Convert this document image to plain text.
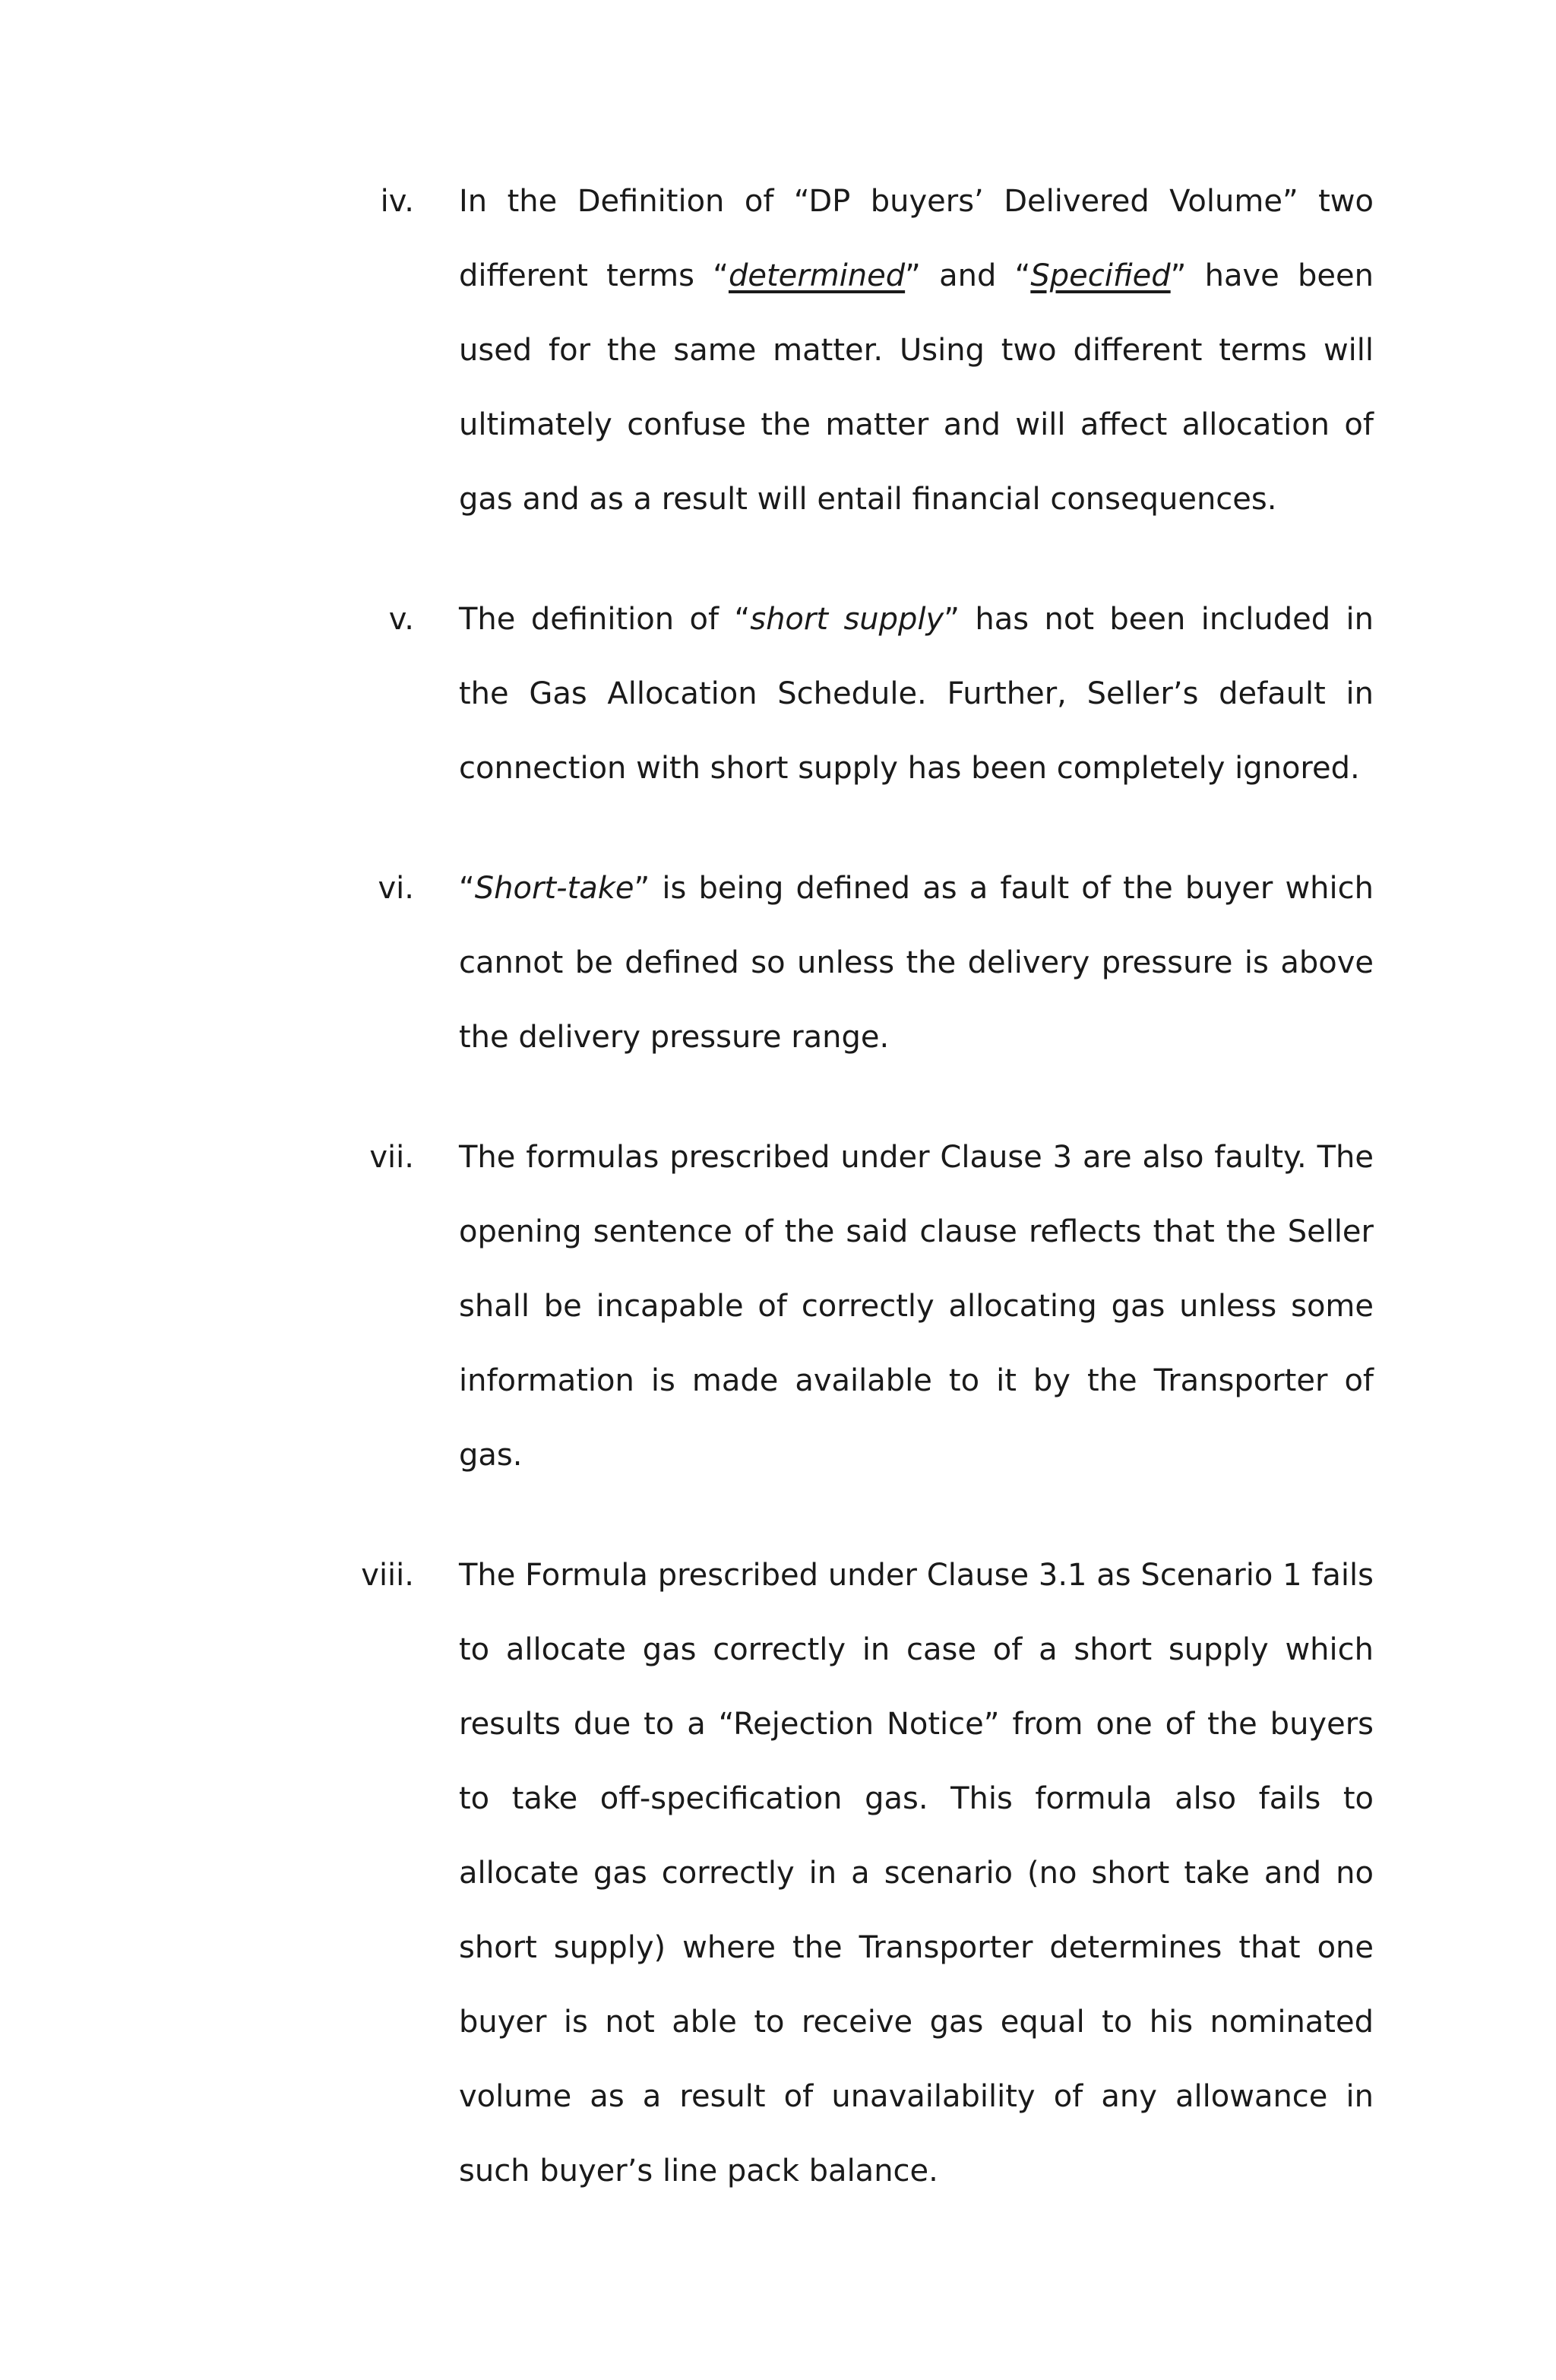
iv. In the Definition of “DP buyers’ Delivered Volume” two different terms “determined” and “Specified” have been used for the same matter. Using two different terms will ultimately confuse the matter and will affect allocation of gas and as a result will entail financial consequences.

v. The definition of “short supply” has not been included in the Gas Allocation Schedule. Further, Seller’s default in connection with short supply has been completely ignored.

vi. “Short-take” is being defined as a fault of the buyer which cannot be defined so unless the delivery pressure is above the delivery pressure range.

vii. The formulas prescribed under Clause 3 are also faulty. The opening sentence of the said clause reflects that the Seller shall be incapable of correctly allocating gas unless some information is made available to it by the Transporter of gas.

viii. The Formula prescribed under Clause 3.1 as Scenario 1 fails to allocate gas correctly in case of a short supply which results due to a “Rejection Notice” from one of the buyers to take off-specification gas. This formula also fails to allocate gas correctly in a scenario (no short take and no short supply) where the Transporter determines that one buyer is not able to receive gas equal to his nominated volume as a result of unavailability of any allowance in such buyer’s line pack balance.
